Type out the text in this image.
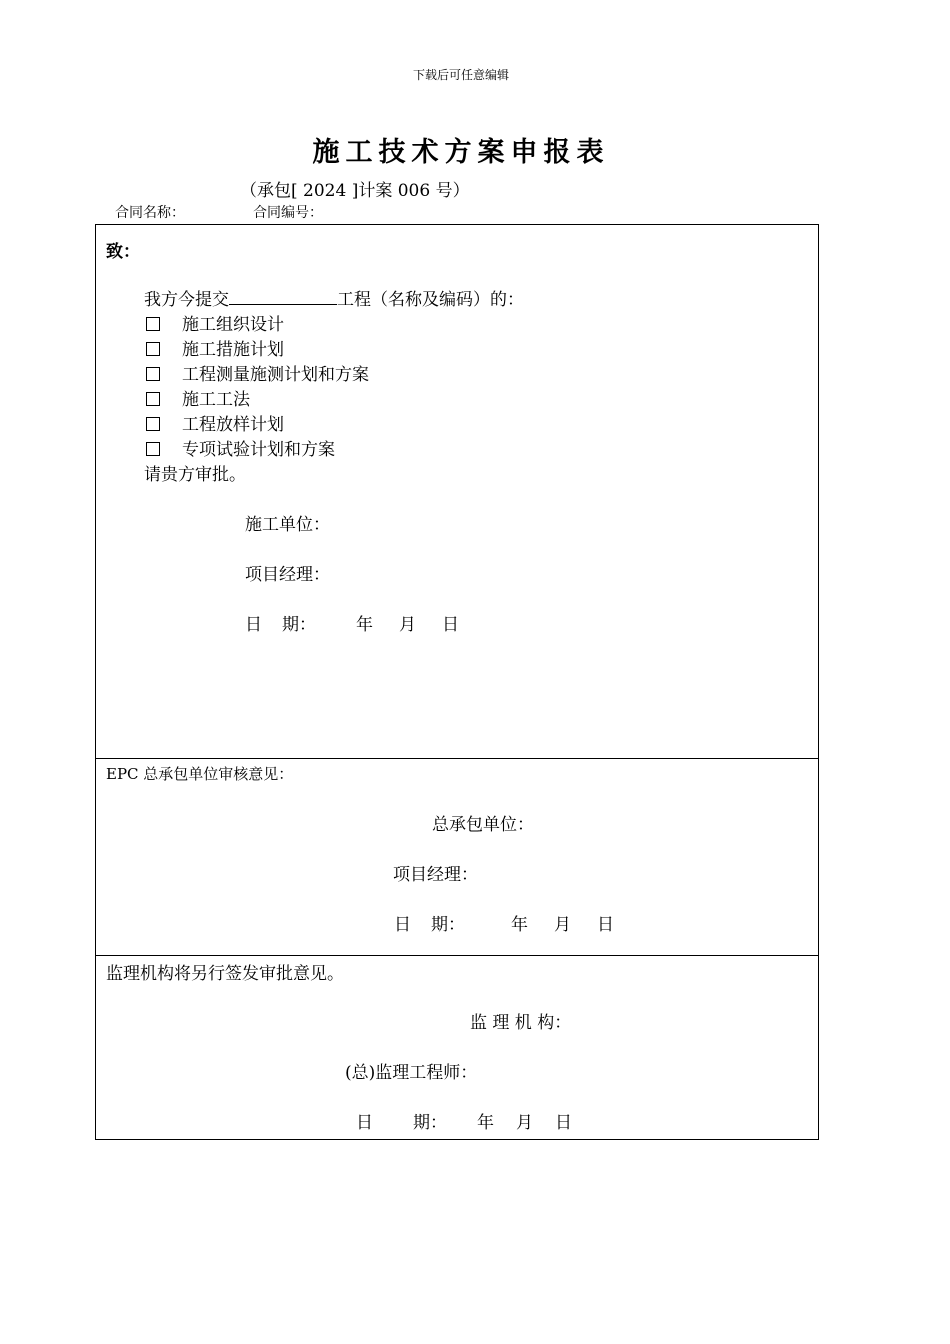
下载后可任意编辑
施工技术方案申报表
（承包[ 2024 ]计案 006 号）
合同名称：	合同编号：
致：
我方今提交	工程（名称及编码）的：
施工组织设计
施工措施计划
工程测量施测计划和方案
施工工法
工程放样计划
专项试验计划和方案
请贵方审批。
施工单位：
项目经理：
日 期： 年 月 日
EPC 总承包单位审核意见：
总承包单位：
项目经理：
日 期：	年 月 日
监理机构将另行签发审批意见。
监 理 机 构：
(总)监理工程师：
日 期： 年 月 日
